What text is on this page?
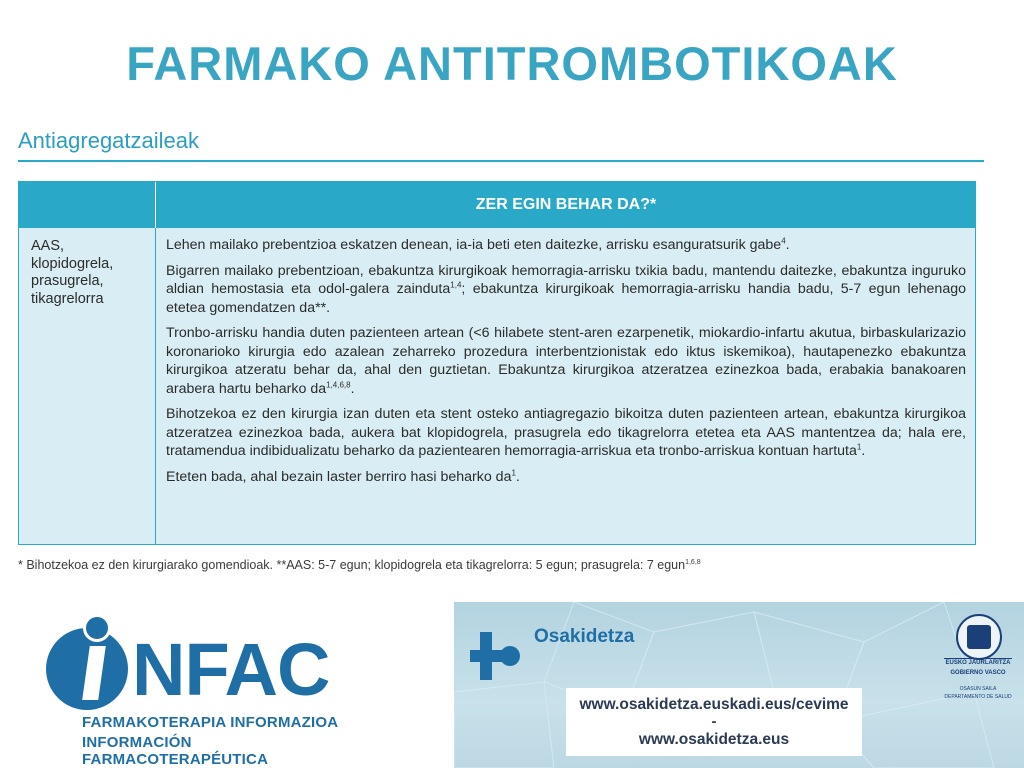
FARMAKO ANTITROMBOTIKOAK
Antiagregatzaileak
ZER EGIN BEHAR DA?*
AAS,
klopidogrela,
prasugrela,
tikagrelorra

Lehen mailako prebentzioa eskatzen denean, ia-ia beti eten daitezke, arrisku esanguratsurik gabe$^4$.

Bigarren mailako prebentzioan, ebakuntza kirurgikoak hemorragia-arrisku txikia badu, mantendu daitezke, ebakuntza inguruko aldian hemostasia eta odol-galera zainduta$^{1,4}$; ebakuntza kirurgikoak hemorragia-arrisku handia badu, 5-7 egun lehenago etetea gomendatzen da**.

Tronbo-arrisku handia duten pazienteen artean (<6 hilabete stent-aren ezarpenetik, miokardio-infartu akutua, birbaskularizazio koronarioko kirurgia edo azalean zeharreko prozedura interbentzionistak edo iktus iskemikoa), hautapenezko ebakuntza kirurgikoa atzeratu behar da, ahal den guztietan. Ebakuntza kirurgikoa atzeratzea ezinezkoa bada, erabakia banakoaren arabera hartu beharko da$^{1,4,6,8}$.

Bihotzekoa ez den kirurgia izan duten eta stent osteko antiagregazio bikoitza duten pazienteen artean, ebakuntza kirurgikoa atzeratzea ezinezkoa bada, aukera bat klopidogrela, prasugrela edo tikagrelorra etetea eta AAS mantentzea da; hala ere, tratamendua indibidualizatu beharko da pazientearen hemorragia-arriskua eta tronbo-arriskua kontuan hartuta$^1$.

Eteten bada, ahal bezain laster berriro hasi beharko $da^1$.

* Bihotzekoa ez den kirurgiarako gomendioak. **AAS: 5-7 egun; klopidogrela eta tikagrelorra: 5 egun; prasugrela: 7 egun$^{1,6,8}$
NFAC
FARMAKOTERAPIA INFORMAZIOA
INFORMACIÓN FARMACOTERAPÉUTICA
Osakidetza
www.osakidetza.euskadi.eus/cevime
-
www.osakidetza.eus
EUSKO JAURLARITZA
GOBIERNO VASCO
OSASUN SAILA
DEPARTAMENTO DE SALUD
